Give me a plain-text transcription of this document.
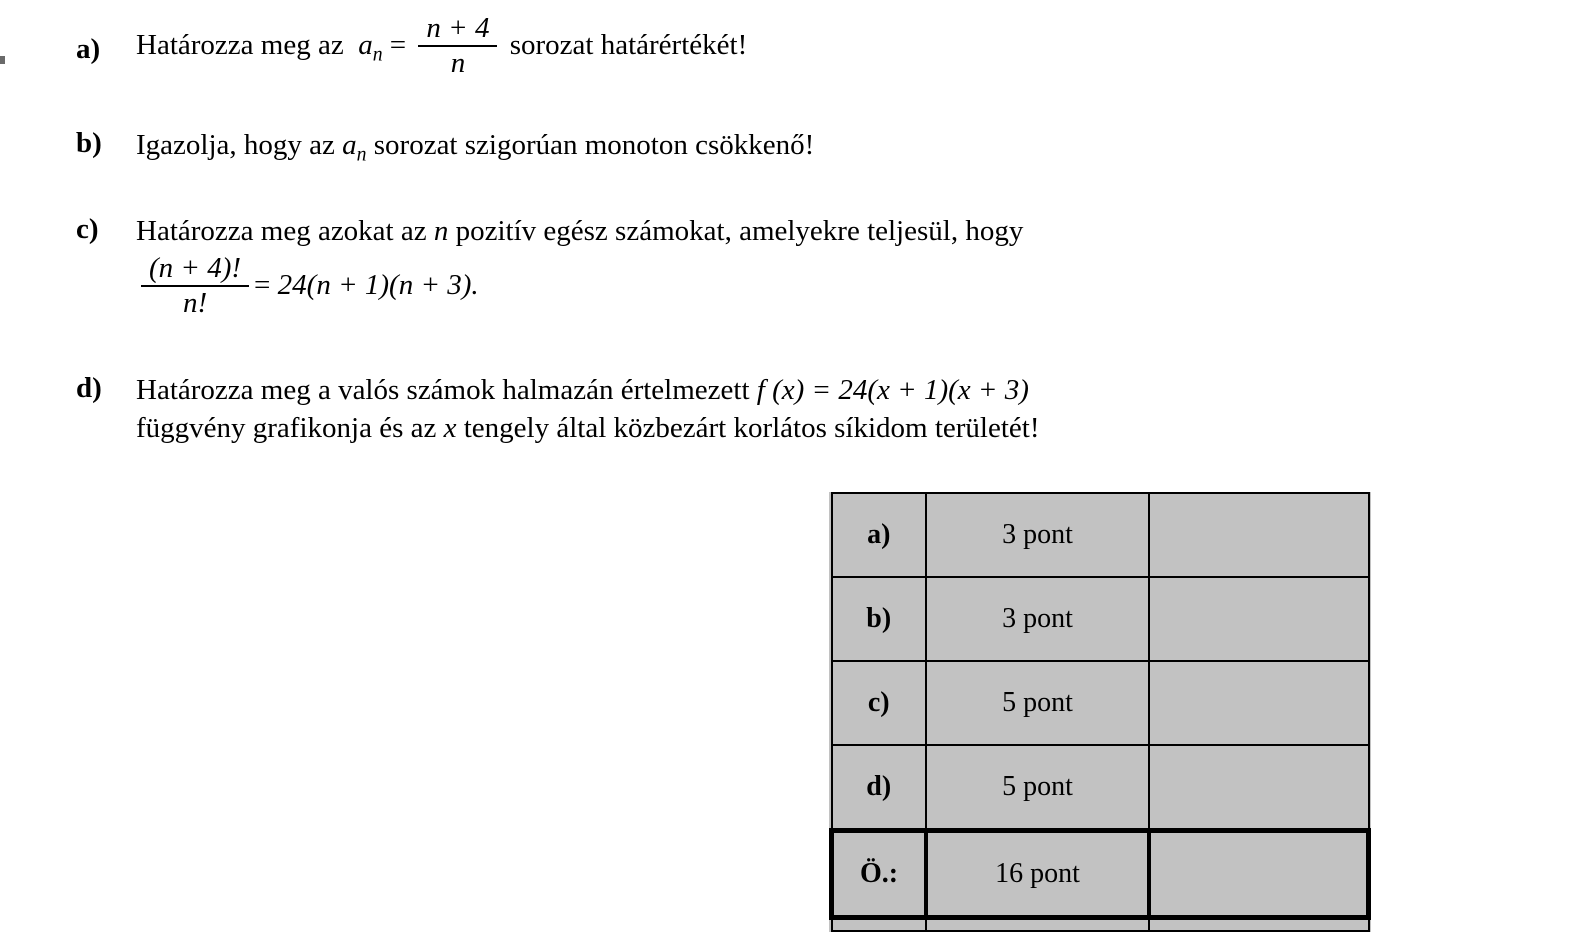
a) Határozza meg az $a_n = \frac{n + 4}{n}$ sorozat határértékét!
b) Igazolja, hogy az $a_n$ sorozat szigorúan monoton csökkenő!
c) Határozza meg azokat az n pozitív egész számokat, amelyekre teljesül, hogy
$\frac{(n + 4)!}{n!} = 24(n + 1)(n + 3)$.
d) Határozza meg a valós számok halmazán értelmezett f (x) = 24(x + 1)(x + 3)
függvény grafikonja és az x tengely által közbezárt korlátos síkidom területét!
a)	3 pont	
b)	3 pont	
c)	5 pont	
d)	5 pont	
Ö.:	16 pont	
